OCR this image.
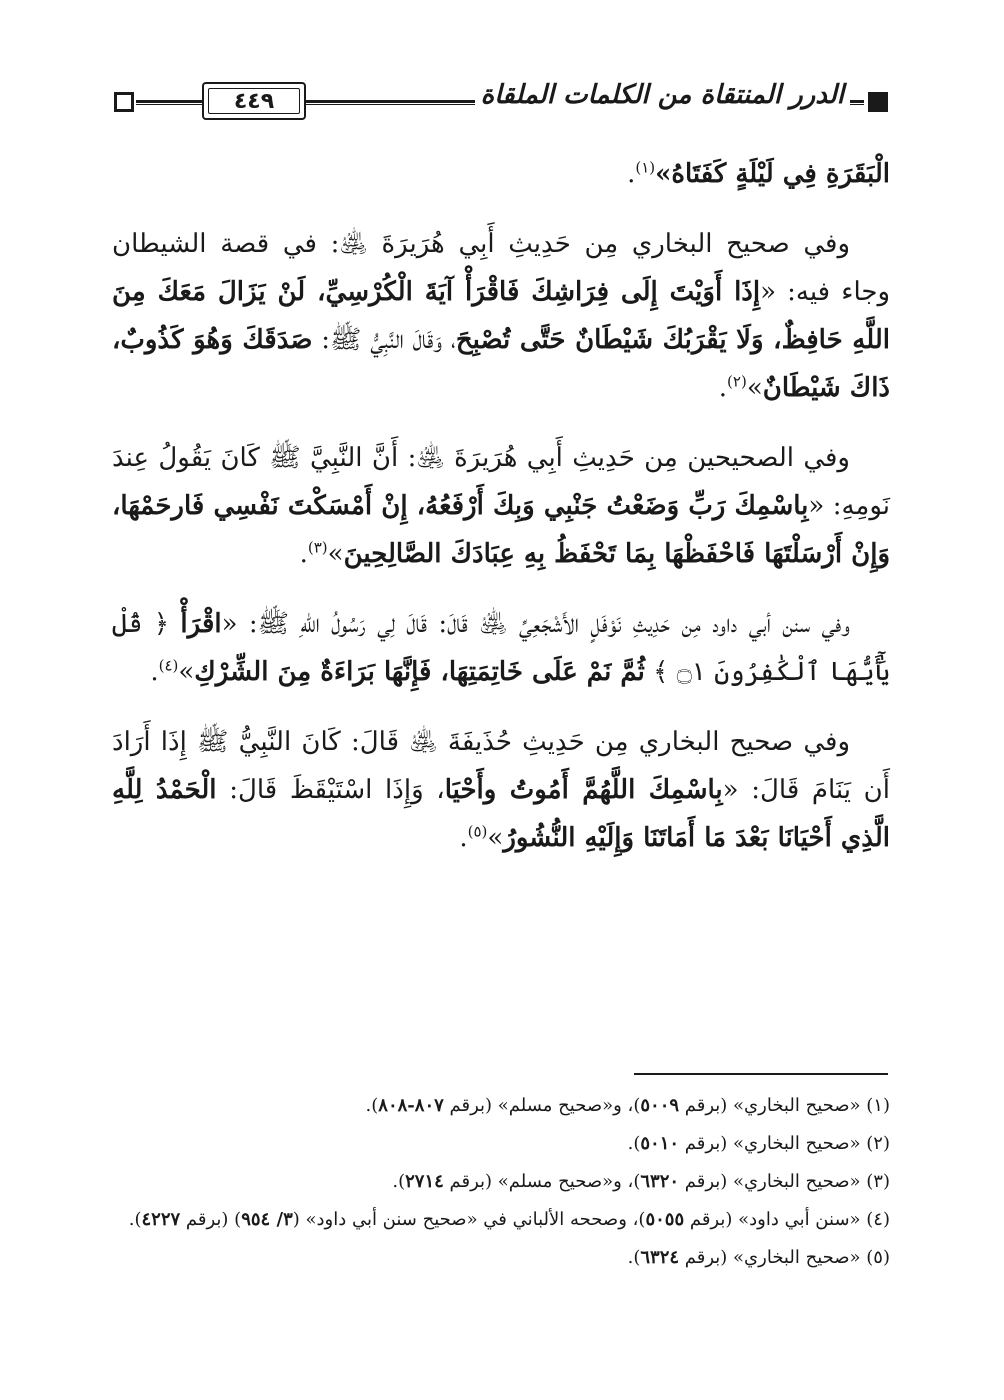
٤٤٩	الدرر المنتقاة من الكلمات الملقاة

الْبَقَرَةِ فِي لَيْلَةٍ كَفَتَاهُ»$^{(١)}$.

وفي صحيح البخاري مِن حَدِيثِ أَبِي هُرَيرَةَ ﵁: في قصة الشيطان وجاء فيه: «إِذَا أَوَيْتَ إِلَى فِرَاشِكَ فَاقْرَأْ آيَةَ الْكُرْسِيِّ، لَنْ يَزَالَ مَعَكَ مِنَ اللَّهِ حَافِظٌ، وَلَا يَقْرَبُكَ شَيْطَانٌ حَتَّى تُصْبِحَ، وَقَالَ النَّبِيُّ ﷺ: صَدَقَكَ وَهُوَ كَذُوبٌ، ذَاكَ شَيْطَانٌ»$^{(٢)}$.

وفي الصحيحين مِن حَدِيثِ أَبِي هُرَيرَةَ ﵁: أَنَّ النَّبِيَّ ﷺ كَانَ يَقُولُ عِندَ نَومِهِ: «بِاسْمِكَ رَبِّ وَضَعْتُ جَنْبِي وَبِكَ أَرْفَعُهُ، إِنْ أَمْسَكْتَ نَفْسِي فَارحَمْهَا، وَإِنْ أَرْسَلْتَهَا فَاحْفَظْهَا بِمَا تَحْفَظُ بِهِ عِبَادَكَ الصَّالِحِينَ»$^{(٣)}$.

وفي سنن أبي داود مِن حَدِيثِ نَوْفَلٍ الأَشْجَعِيِّ ﵁ قَالَ: قَالَ لِي رَسُولُ اللهِ ﷺ: «اقْرَأْ ﴿ قُلْ يَٰٓأَيُّهَا ٱلْكَٰفِرُونَ ۝١ ﴾ ثُمَّ نَمْ عَلَى خَاتِمَتِهَا، فَإِنَّهَا بَرَاءَةٌ مِنَ الشِّرْكِ»$^{(٤)}$.

وفي صحيح البخاري مِن حَدِيثِ حُذَيفَةَ ﵁ قَالَ: كَانَ النَّبِيُّ ﷺ إِذَا أَرَادَ أَن يَنَامَ قَالَ: «بِاسْمِكَ اللَّهُمَّ أَمُوتُ وأَحْيَا، وَإِذَا اسْتَيْقَظَ قَالَ: الْحَمْدُ لِلَّهِ الَّذِي أَحْيَانَا بَعْدَ مَا أَمَاتَنَا وَإِلَيْهِ النُّشُورُ»$^{(٥)}$.

(١) «صحيح البخاري» (برقم ٥٠٠٩)، و«صحيح مسلم» (برقم ٨٠٧-٨٠٨).

(٢) «صحيح البخاري» (برقم ٥٠١٠).

(٣) «صحيح البخاري» (برقم ٦٣٢٠)، و«صحيح مسلم» (برقم ٢٧١٤).

(٤) «سنن أبي داود» (برقم ٥٠٥٥)، وصححه الألباني في «صحيح سنن أبي داود» (٣/ ٩٥٤) (برقم ٤٢٢٧).

(٥) «صحيح البخاري» (برقم ٦٣٢٤).
